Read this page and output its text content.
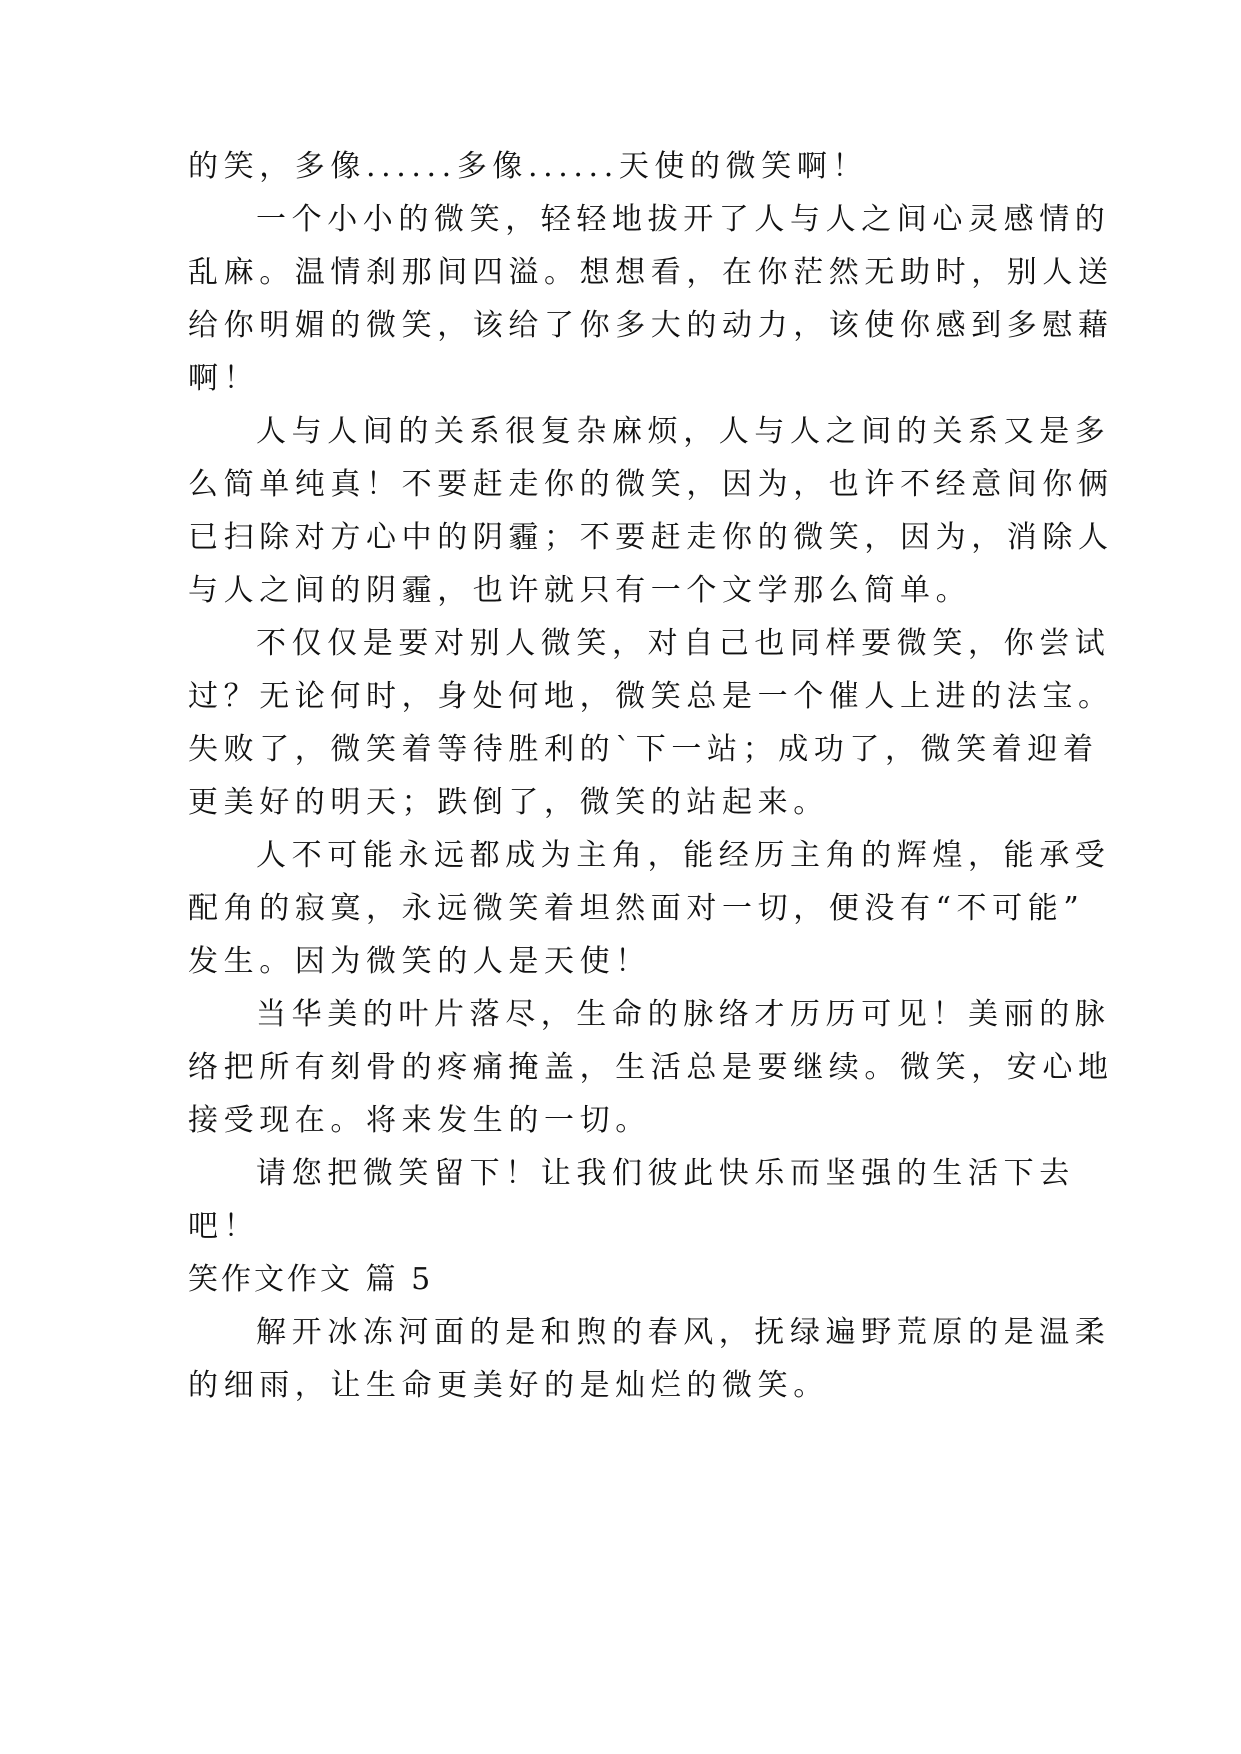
的笑，多像......多像......天使的微笑啊！
一个小小的微笑，轻轻地拔开了人与人之间心灵感情的
乱麻。温情刹那间四溢。想想看，在你茫然无助时，别人送
给你明媚的微笑，该给了你多大的动力，该使你感到多慰藉
啊！
人与人间的关系很复杂麻烦，人与人之间的关系又是多
么简单纯真！不要赶走你的微笑，因为，也许不经意间你俩
已扫除对方心中的阴霾；不要赶走你的微笑，因为，消除人
与人之间的阴霾，也许就只有一个文学那么简单。
不仅仅是要对别人微笑，对自己也同样要微笑，你尝试
过？无论何时，身处何地，微笑总是一个催人上进的法宝。
失败了，微笑着等待胜利的`下一站；成功了，微笑着迎着
更美好的明天；跌倒了，微笑的站起来。
人不可能永远都成为主角，能经历主角的辉煌，能承受
配角的寂寞，永远微笑着坦然面对一切，便没有“不可能”
发生。因为微笑的人是天使！
当华美的叶片落尽，生命的脉络才历历可见！美丽的脉
络把所有刻骨的疼痛掩盖，生活总是要继续。微笑，安心地
接受现在。将来发生的一切。
请您把微笑留下！让我们彼此快乐而坚强的生活下去
吧！
笑作文作文 篇 5
解开冰冻河面的是和煦的春风，抚绿遍野荒原的是温柔
的细雨，让生命更美好的是灿烂的微笑。
